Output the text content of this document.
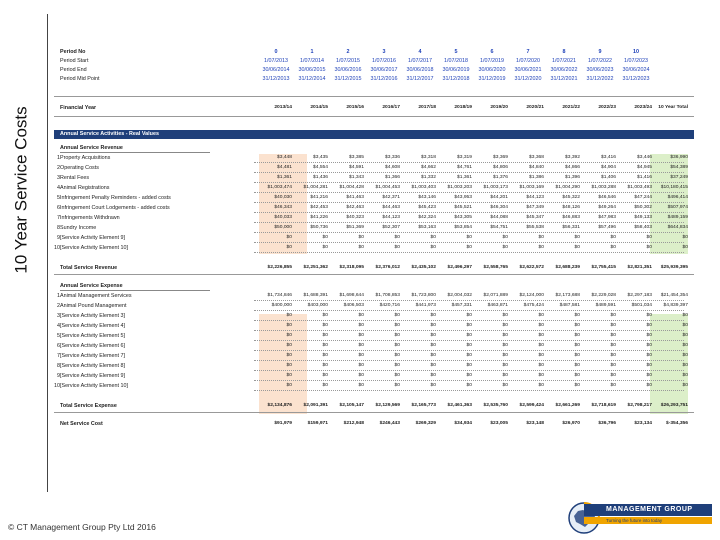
10 Year Service Costs
Period No	0	1	2	3	4	5	6	7	8	9	10
Period Start	1/07/2013	1/07/2014	1/07/2015	1/07/2016	1/07/2017	1/07/2018	1/07/2019	1/07/2020	1/07/2021	1/07/2022	1/07/2023
Period End	30/06/2014	30/06/2015	30/06/2016	30/06/2017	30/06/2018	30/06/2019	30/06/2020	30/06/2021	30/06/2022	30/06/2023	30/06/2024
Period Mid Point	31/12/2013	31/12/2014	31/12/2015	31/12/2016	31/12/2017	31/12/2018	31/12/2019	31/12/2020	31/12/2021	31/12/2022	31/12/2023
Financial Year	2013/14	2014/15	2015/16	2016/17	2017/18	2018/19	2019/20	2020/21	2021/22	2022/23	2023/24	10 Year Total
Annual Service Activities - Real Values
Annual Service Revenue
1 Property Acquisitions	$3,448	$3,435	$3,385	$3,336	$3,318	$3,319	$3,369	$3,368	$3,392	$3,416	$3,446	$36,990
2 Operating Costs	$4,481	$4,554	$4,591	$4,608	$4,662	$4,761	$4,806	$4,840	$4,866	$4,904	$4,945	$54,389
3 Rental Fees	$1,361	$1,436	$1,343	$1,366	$1,332	$1,361	$1,376	$1,386	$1,396	$1,406	$1,416	$37,249
4 Animal Registrations	$1,003,474	$1,004,281	$1,004,428	$1,004,453	$1,003,403	$1,003,203	$1,003,173	$1,003,169	$1,004,290	$1,003,288	$1,003,493	$10,180,415
5 Infringement Penalty Reminders - added costs	$40,030	$41,216	$41,463	$42,371	$43,146	$43,953	$44,201	$44,123	$45,322	$46,546	$47,244	$496,414
6 Infringement Court Lodgements - added costs	$46,343	$42,453	$42,463	$44,463	$45,423	$45,521	$46,304	$47,349	$48,126	$49,264	$50,302	$507,974
7 Infringements Withdrawn	$40,033	$41,226	$40,323	$44,123	$42,324	$43,305	$44,088	$45,347	$46,883	$47,983	$49,133	$489,159
8 Sundry Income	$50,000	$50,736	$51,369	$52,307	$53,163	$53,854	$54,751	$55,538	$56,331	$57,496	$58,403	$644,834
9 [Service Activity Element 9]	$0	$0	$0	$0	$0	$0	$0	$0	$0	$0	$0	$0
10 [Service Activity Element 10]	$0	$0	$0	$0	$0	$0	$0	$0	$0	$0	$0	$0
Total Service Revenue	$2,226,855	$2,251,362	$2,318,095	$2,376,012	$2,435,102	$2,496,297	$2,558,765	$2,622,572	$2,688,239	$2,755,415	$2,821,351	$25,939,395
Annual Service Expense
1 Animal Management Services	$1,734,846	$1,688,391	$1,698,644	$1,708,853	$1,723,800	$2,004,032	$2,071,889	$2,124,000	$2,173,688	$2,229,028	$2,297,183	$21,454,354
2 Animal Pound Management	$400,000	$403,000	$406,503	$420,716	$441,973	$457,331	$463,871	$475,424	$487,581	$489,591	$501,034	$4,839,397
3 [Service Activity Element 3]	$0	$0	$0	$0	$0	$0	$0	$0	$0	$0	$0	$0
4 [Service Activity Element 4]	$0	$0	$0	$0	$0	$0	$0	$0	$0	$0	$0	$0
5 [Service Activity Element 5]	$0	$0	$0	$0	$0	$0	$0	$0	$0	$0	$0	$0
6 [Service Activity Element 6]	$0	$0	$0	$0	$0	$0	$0	$0	$0	$0	$0	$0
7 [Service Activity Element 7]	$0	$0	$0	$0	$0	$0	$0	$0	$0	$0	$0	$0
8 [Service Activity Element 8]	$0	$0	$0	$0	$0	$0	$0	$0	$0	$0	$0	$0
9 [Service Activity Element 9]	$0	$0	$0	$0	$0	$0	$0	$0	$0	$0	$0	$0
10 [Service Activity Element 10]	$0	$0	$0	$0	$0	$0	$0	$0	$0	$0	$0	$0
Total Service Expense	$2,134,876	$2,091,391	$2,105,147	$2,129,569	$2,165,773	$2,461,363	$2,535,760	$2,599,424	$2,661,269	$2,718,619	$2,798,217	$26,293,751
Net Service Cost	$91,979	$159,971	$212,948	$246,443	$269,329	$34,934	$23,005	$23,148	$26,970	$36,796	$23,134	$-354,356
© CT Management Group Pty Ltd 2016
MANAGEMENT GROUP
Turning the future into today
